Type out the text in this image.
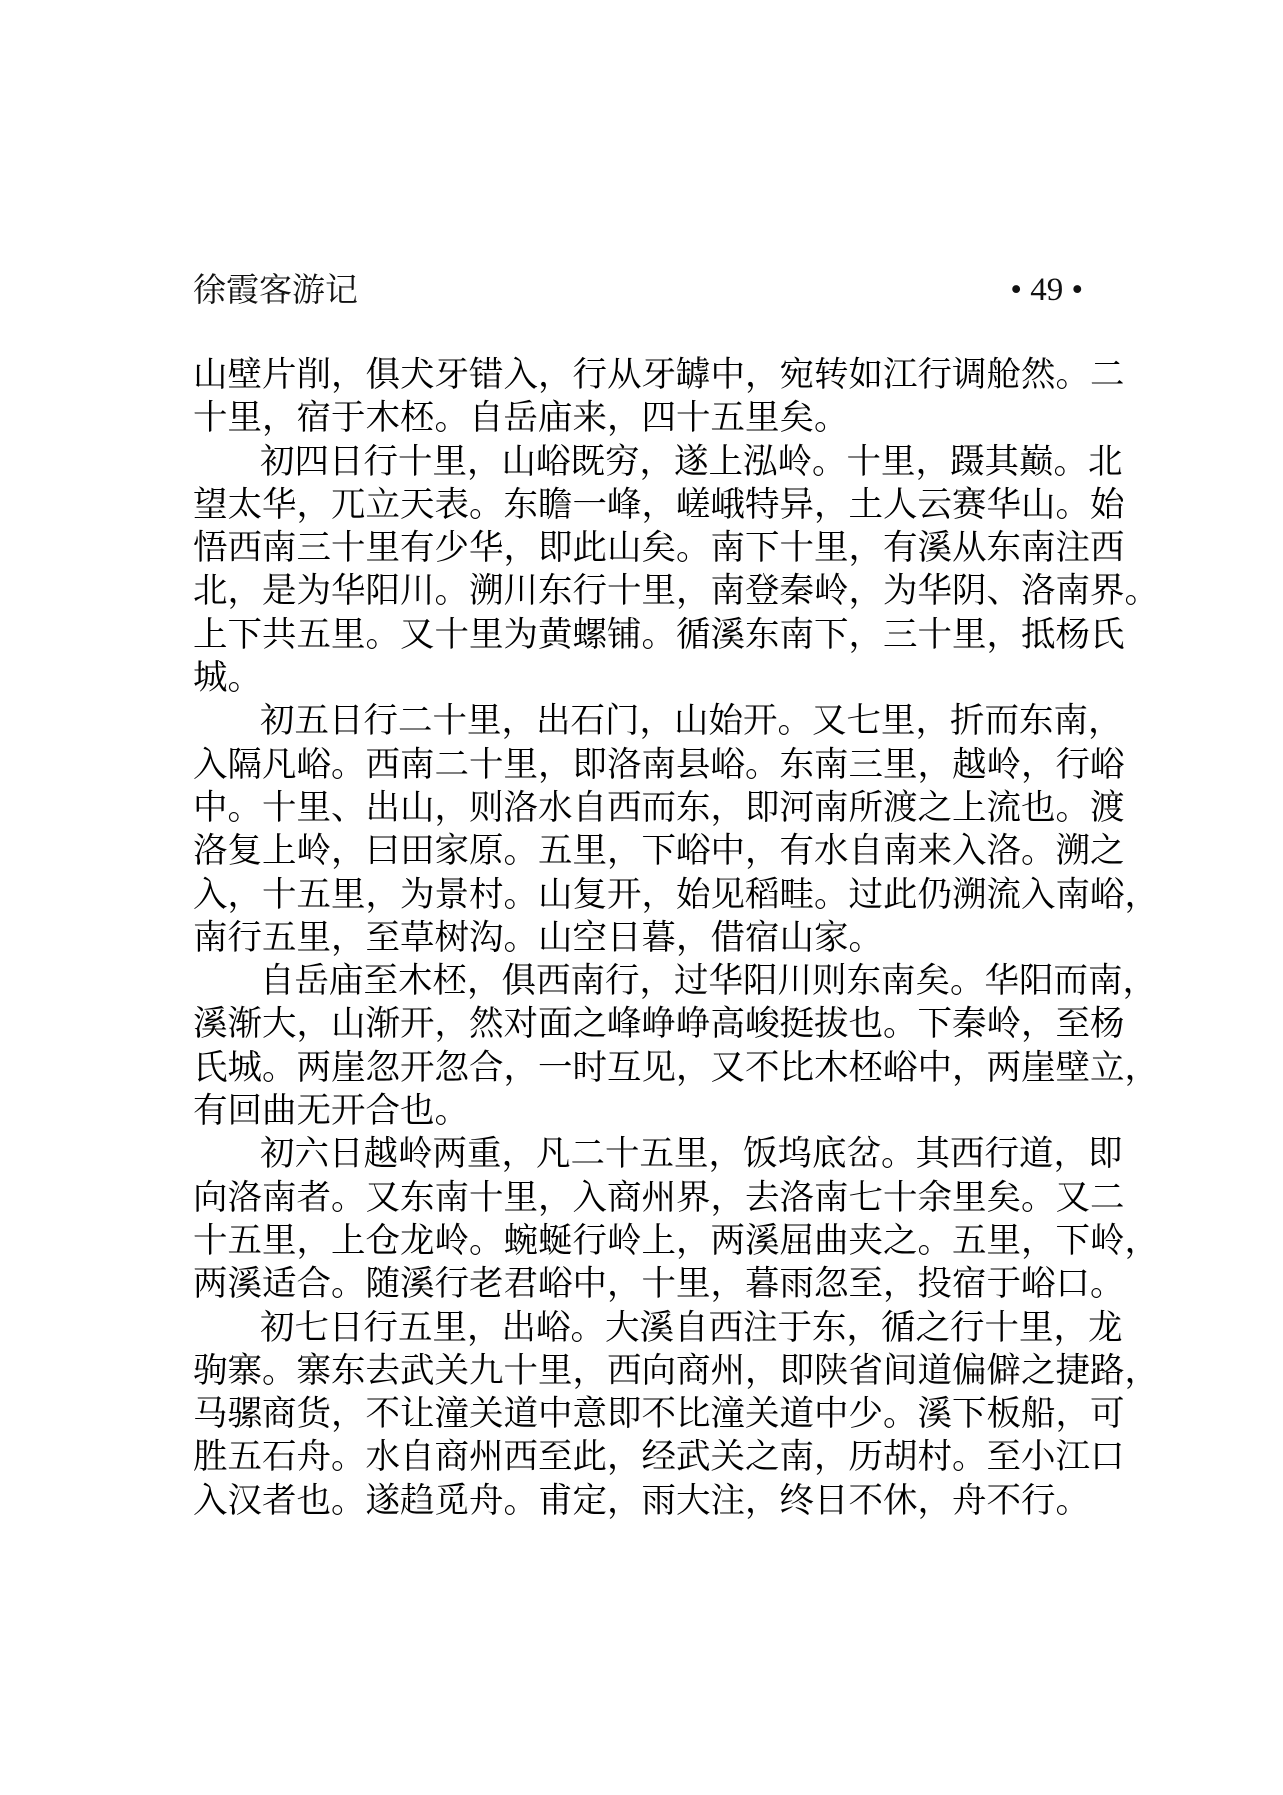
徐霞客游记	• 49 •
山壁片削，俱犬牙错入，行从牙罅中，宛转如江行调舱然。二
十里，宿于木柸。自岳庙来，四十五里矣。
初四日行十里，山峪既穷，遂上泓岭。十里，蹑其巅。北
望太华，兀立天表。东瞻一峰，嵯峨特异，土人云赛华山。始
悟西南三十里有少华，即此山矣。南下十里，有溪从东南注西
北，是为华阳川。溯川东行十里，南登秦岭，为华阴、洛南界。
上下共五里。又十里为黄螺铺。循溪东南下，三十里，抵杨氏
城。
初五日行二十里，出石门，山始开。又七里，折而东南，
入隔凡峪。西南二十里，即洛南县峪。东南三里，越岭，行峪
中。十里、出山，则洛水自西而东，即河南所渡之上流也。渡
洛复上岭，曰田家原。五里，下峪中，有水自南来入洛。溯之
入，十五里，为景村。山复开，始见稻畦。过此仍溯流入南峪，
南行五里，至草树沟。山空日暮，借宿山家。
自岳庙至木柸，俱西南行，过华阳川则东南矣。华阳而南，
溪渐大，山渐开，然对面之峰峥峥高峻挺拔也。下秦岭，至杨
氏城。两崖忽开忽合，一时互见，又不比木柸峪中，两崖壁立，
有回曲无开合也。
初六日越岭两重，凡二十五里，饭坞底岔。其西行道，即
向洛南者。又东南十里，入商州界，去洛南七十余里矣。又二
十五里，上仓龙岭。蜿蜒行岭上，两溪屈曲夹之。五里，下岭，
两溪适合。随溪行老君峪中，十里，暮雨忽至，投宿于峪口。
初七日行五里，出峪。大溪自西注于东，循之行十里，龙
驹寨。寨东去武关九十里，西向商州，即陕省间道偏僻之捷路，
马骡商货，不让潼关道中意即不比潼关道中少。溪下板船，可
胜五石舟。水自商州西至此，经武关之南，历胡村。至小江口
入汉者也。遂趋觅舟。甫定，雨大注，终日不休，舟不行。
